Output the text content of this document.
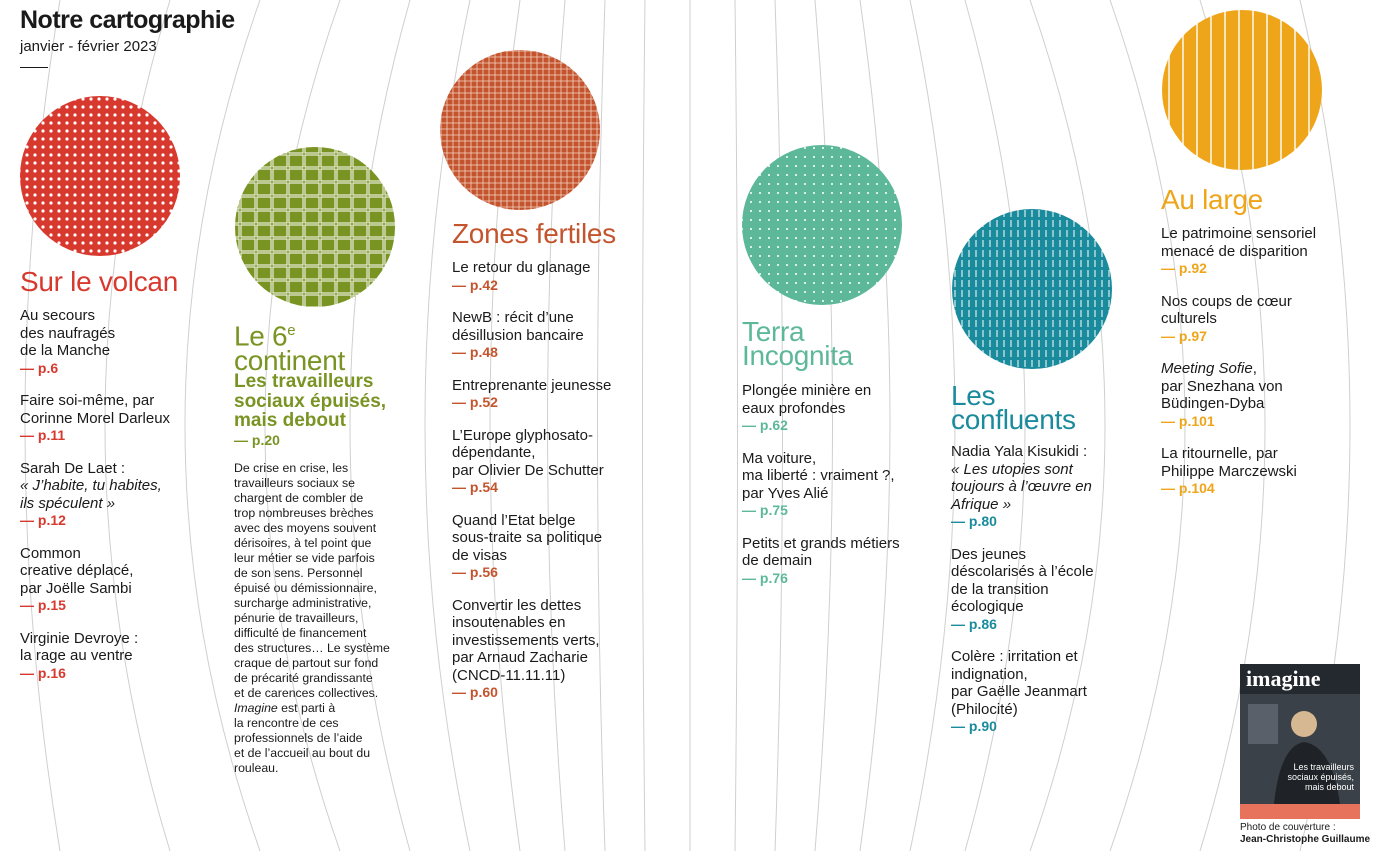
Notre cartographie
janvier - février 2023
Sur le volcan
Au secours
des naufragés
de la Manche
— p.6
Faire soi-même, par
Corinne Morel Darleux
— p.11
Sarah De Laet :
« J’habite, tu habites,
ils spéculent »
— p.12
Common
creative déplacé,
par Joëlle Sambi
— p.15
Virginie Devroye :
la rage au ventre
— p.16
Le 6e
continent
Les travailleurs
sociaux épuisés,
mais debout
— p.20
De crise en crise, les
travailleurs sociaux se
chargent de combler de
trop nombreuses brèches
avec des moyens souvent
dérisoires, à tel point que
leur métier se vide parfois
de son sens. Personnel
épuisé ou démissionnaire,
surcharge administrative,
pénurie de travailleurs,
difficulté de financement
des structures… Le système
craque de partout sur fond
de précarité grandissante
et de carences collectives.
Imagine est parti à
la rencontre de ces
professionnels de l’aide
et de l’accueil au bout du
rouleau.
Zones fertiles
Le retour du glanage
— p.42
NewB : récit d’une
désillusion bancaire
— p.48
Entreprenante jeunesse
— p.52
L’Europe glyphosato-
dépendante,
par Olivier De Schutter
— p.54
Quand l’Etat belge
sous-traite sa politique
de visas
— p.56
Convertir les dettes
insoutenables en
investissements verts,
par Arnaud Zacharie
(CNCD-11.11.11)
— p.60
Terra
Incognita
Plongée minière en
eaux profondes
— p.62
Ma voiture,
ma liberté : vraiment ?,
par Yves Alié
— p.75
Petits et grands métiers
de demain
— p.76
Les
confluents
Nadia Yala Kisukidi :
« Les utopies sont
toujours à l’œuvre en
Afrique »
— p.80
Des jeunes
déscolarisés à l’école
de la transition
écologique
— p.86
Colère : irritation et
indignation,
par Gaëlle Jeanmart
(Philocité)
— p.90
Au large
Le patrimoine sensoriel
menacé de disparition
— p.92
Nos coups de cœur
culturels
— p.97
Meeting Sofie,
par Snezhana von
Büdingen-Dyba
— p.101
La ritournelle, par
Philippe Marczewski
— p.104
imagine
Les travailleurs
sociaux épuisés,
mais debout
Photo de couverture :
Jean-Christophe Guillaume
